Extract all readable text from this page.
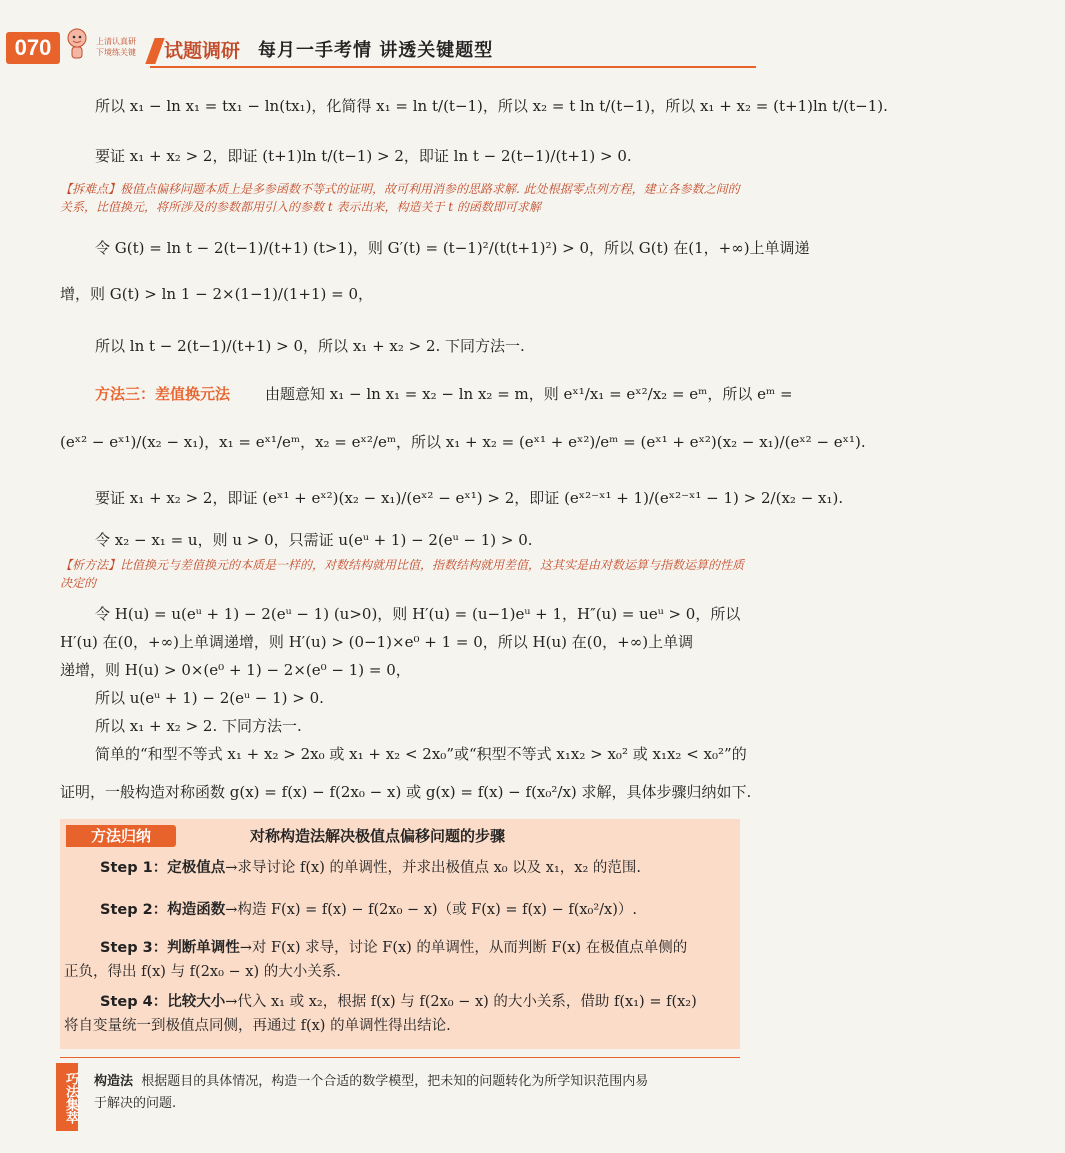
070	上清认真研
下境练关键 试题调研 每月一手考情 讲透关键题型
所以 x₁ − ln x₁ = tx₁ − ln(tx₁)，化简得 x₁ = ln t/(t−1)，所以 x₂ = t ln t/(t−1)，所以 x₁ + x₂ = (t+1)ln t/(t−1).
要证 x₁ + x₂ > 2，即证 (t+1)ln t/(t−1) > 2，即证 ln t − 2(t−1)/(t+1) > 0.
【拆难点】极值点偏移问题本质上是多参函数不等式的证明，故可利用消参的思路求解. 此处根据零点列方程，建立各参数之间的关系，比值换元，将所涉及的参数都用引入的参数 t 表示出来，构造关于 t 的函数即可求解
令 G(t) = ln t − 2(t−1)/(t+1) (t>1)，则 G′(t) = (t−1)²/(t(t+1)²) > 0，所以 G(t) 在(1，+∞)上单调递
增，则 G(t) > ln 1 − 2×(1−1)/(1+1) = 0，
所以 ln t − 2(t−1)/(t+1) > 0，所以 x₁ + x₂ > 2. 下同方法一.
方法三：差值换元法	由题意知 x₁ − ln x₁ = x₂ − ln x₂ = m，则 eˣ¹/x₁ = eˣ²/x₂ = eᵐ，所以 eᵐ =
(eˣ² − eˣ¹)/(x₂ − x₁)，x₁ = eˣ¹/eᵐ，x₂ = eˣ²/eᵐ，所以 x₁ + x₂ = (eˣ¹ + eˣ²)/eᵐ = (eˣ¹ + eˣ²)(x₂ − x₁)/(eˣ² − eˣ¹).
要证 x₁ + x₂ > 2，即证 (eˣ¹ + eˣ²)(x₂ − x₁)/(eˣ² − eˣ¹) > 2，即证 (eˣ²⁻ˣ¹ + 1)/(eˣ²⁻ˣ¹ − 1) > 2/(x₂ − x₁).
令 x₂ − x₁ = u，则 u > 0，只需证 u(eᵘ + 1) − 2(eᵘ − 1) > 0.
【析方法】比值换元与差值换元的本质是一样的，对数结构就用比值，指数结构就用差值，这其实是由对数运算与指数运算的性质决定的
令 H(u) = u(eᵘ + 1) − 2(eᵘ − 1) (u>0)，则 H′(u) = (u−1)eᵘ + 1，H″(u) = ueᵘ > 0，所以
H′(u) 在(0，+∞)上单调递增，则 H′(u) > (0−1)×e⁰ + 1 = 0，所以 H(u) 在(0，+∞)上单调
递增，则 H(u) > 0×(e⁰ + 1) − 2×(e⁰ − 1) = 0，
所以 u(eᵘ + 1) − 2(eᵘ − 1) > 0.
所以 x₁ + x₂ > 2. 下同方法一.
简单的“和型不等式 x₁ + x₂ > 2x₀ 或 x₁ + x₂ < 2x₀”或“积型不等式 x₁x₂ > x₀² 或 x₁x₂ < x₀²”的
证明，一般构造对称函数 g(x) = f(x) − f(2x₀ − x) 或 g(x) = f(x) − f(x₀²/x) 求解，具体步骤归纳如下.
方法归纳	对称构造法解决极值点偏移问题的步骤
Step 1：定极值点→求导讨论 f(x) 的单调性，并求出极值点 x₀ 以及 x₁，x₂ 的范围.
Step 2：构造函数→构造 F(x) = f(x) − f(2x₀ − x)（或 F(x) = f(x) − f(x₀²/x)）.
Step 3：判断单调性→对 F(x) 求导，讨论 F(x) 的单调性，从而判断 F(x) 在极值点单侧的
正负，得出 f(x) 与 f(2x₀ − x) 的大小关系.
Step 4：比较大小→代入 x₁ 或 x₂，根据 f(x) 与 f(2x₀ − x) 的大小关系，借助 f(x₁) = f(x₂)
将自变量统一到极值点同侧，再通过 f(x) 的单调性得出结论.
巧法集萃 构造法 根据题目的具体情况，构造一个合适的数学模型，把未知的问题转化为所学知识范围内易
于解决的问题.
